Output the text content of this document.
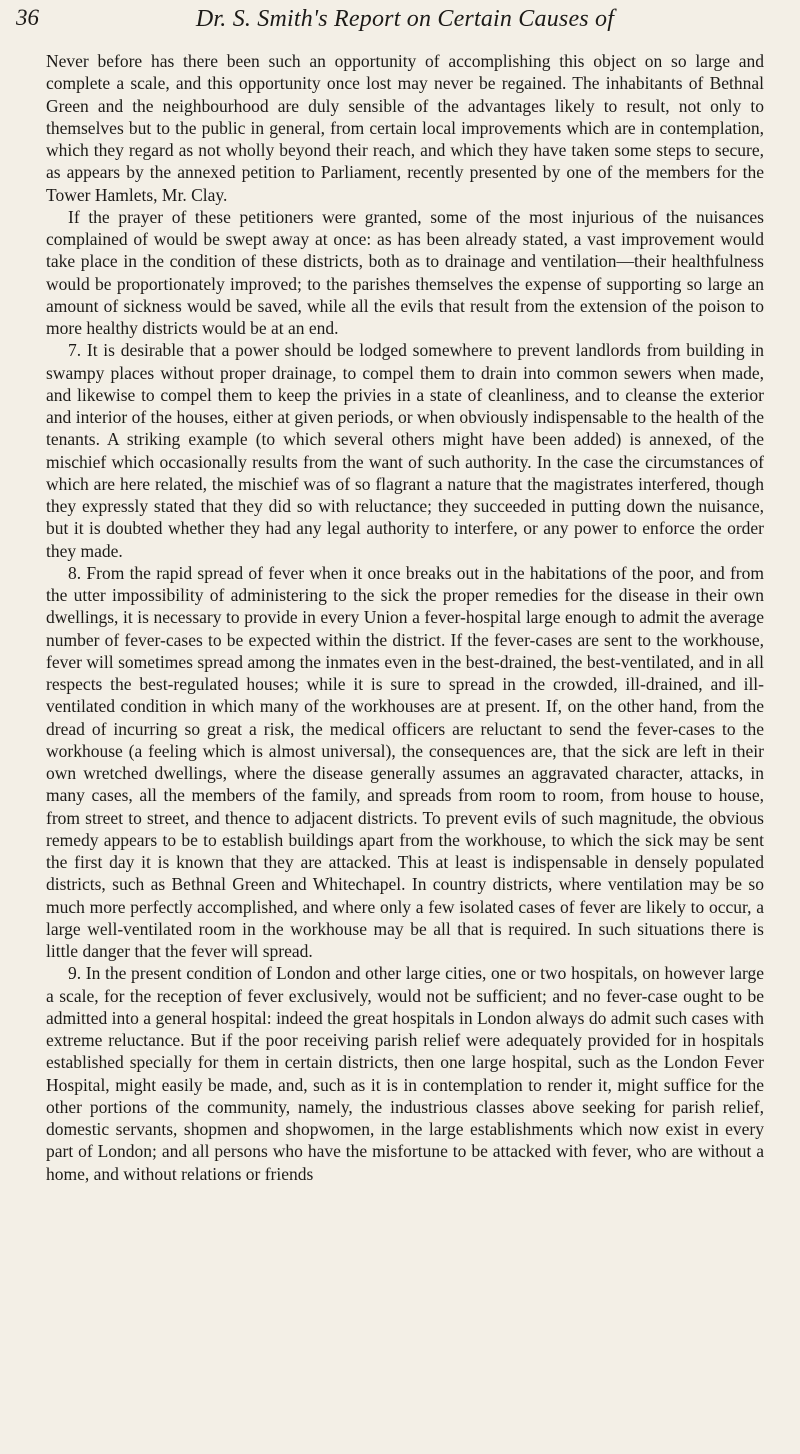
36	Dr. S. Smith's Report on Certain Causes of

Never before has there been such an opportunity of accomplishing this object on so large and complete a scale, and this opportunity once lost may never be regained. The inhabitants of Bethnal Green and the neighbourhood are duly sensible of the advantages likely to result, not only to themselves but to the public in general, from certain local improvements which are in contemplation, which they regard as not wholly beyond their reach, and which they have taken some steps to secure, as appears by the annexed petition to Parliament, recently presented by one of the members for the Tower Hamlets, Mr. Clay.

If the prayer of these petitioners were granted, some of the most injurious of the nuisances complained of would be swept away at once: as has been already stated, a vast improvement would take place in the condition of these districts, both as to drainage and ventilation—their healthfulness would be proportionately improved; to the parishes themselves the expense of supporting so large an amount of sickness would be saved, while all the evils that result from the extension of the poison to more healthy districts would be at an end.

7. It is desirable that a power should be lodged somewhere to prevent landlords from building in swampy places without proper drainage, to compel them to drain into common sewers when made, and likewise to compel them to keep the privies in a state of cleanliness, and to cleanse the exterior and interior of the houses, either at given periods, or when obviously indispensable to the health of the tenants. A striking example (to which several others might have been added) is annexed, of the mischief which occasionally results from the want of such authority. In the case the circumstances of which are here related, the mischief was of so flagrant a nature that the magistrates interfered, though they expressly stated that they did so with reluctance; they succeeded in putting down the nuisance, but it is doubted whether they had any legal authority to interfere, or any power to enforce the order they made.

8. From the rapid spread of fever when it once breaks out in the habitations of the poor, and from the utter impossibility of administering to the sick the proper remedies for the disease in their own dwellings, it is necessary to provide in every Union a fever-hospital large enough to admit the average number of fever-cases to be expected within the district. If the fever-cases are sent to the workhouse, fever will sometimes spread among the inmates even in the best-drained, the best-ventilated, and in all respects the best-regulated houses; while it is sure to spread in the crowded, ill-drained, and ill-ventilated condition in which many of the workhouses are at present. If, on the other hand, from the dread of incurring so great a risk, the medical officers are reluctant to send the fever-cases to the workhouse (a feeling which is almost universal), the consequences are, that the sick are left in their own wretched dwellings, where the disease generally assumes an aggravated character, attacks, in many cases, all the members of the family, and spreads from room to room, from house to house, from street to street, and thence to adjacent districts. To prevent evils of such magnitude, the obvious remedy appears to be to establish buildings apart from the workhouse, to which the sick may be sent the first day it is known that they are attacked. This at least is indispensable in densely populated districts, such as Bethnal Green and Whitechapel. In country districts, where ventilation may be so much more perfectly accomplished, and where only a few isolated cases of fever are likely to occur, a large well-ventilated room in the workhouse may be all that is required. In such situations there is little danger that the fever will spread.

9. In the present condition of London and other large cities, one or two hospitals, on however large a scale, for the reception of fever exclusively, would not be sufficient; and no fever-case ought to be admitted into a general hospital: indeed the great hospitals in London always do admit such cases with extreme reluctance. But if the poor receiving parish relief were adequately provided for in hospitals established specially for them in certain districts, then one large hospital, such as the London Fever Hospital, might easily be made, and, such as it is in contemplation to render it, might suffice for the other portions of the community, namely, the industrious classes above seeking for parish relief, domestic servants, shopmen and shopwomen, in the large establishments which now exist in every part of London; and all persons who have the misfortune to be attacked with fever, who are without a home, and without relations or friends
